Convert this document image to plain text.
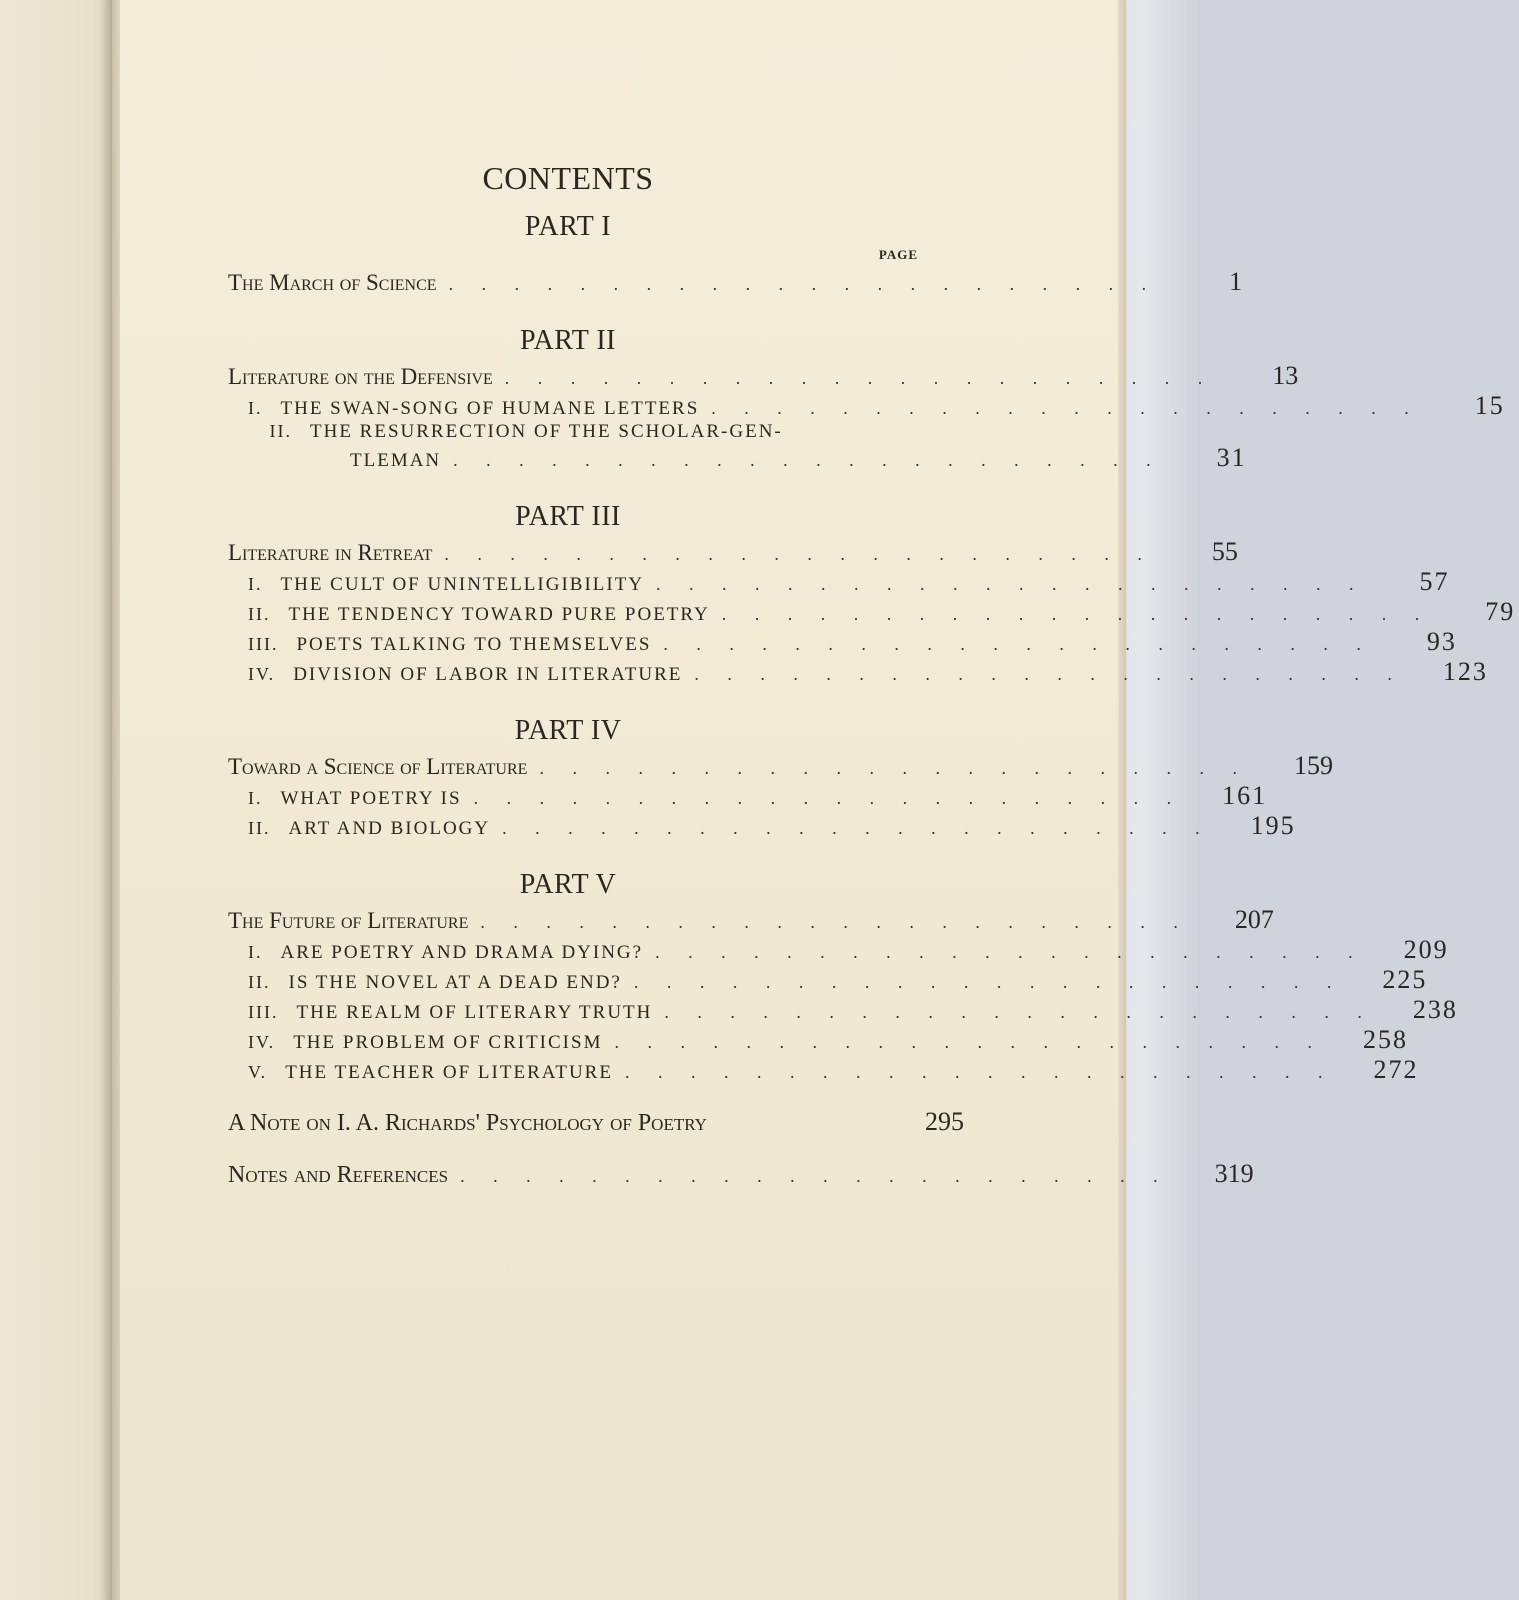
CONTENTS
PART I
PAGE
The March of Science . . . . . . . . . . . . . . . . . . . . . .	1
PART II
Literature on the Defensive . . . . . . . . . . . . . . . . . . . . . .	13
I. THE SWAN-SONG OF HUMANE LETTERS . . . . . . . . . . . . . . . . . . . . . .	15
II. THE RESURRECTION OF THE SCHOLAR-GEN-
TLEMAN . . . . . . . . . . . . . . . . . . . . . .	31
PART III
Literature in Retreat . . . . . . . . . . . . . . . . . . . . . .	55
I. THE CULT OF UNINTELLIGIBILITY . . . . . . . . . . . . . . . . . . . . . .	57
II. THE TENDENCY TOWARD PURE POETRY . . . . . . . . . . . . . . . . . . . . . .	79
III. POETS TALKING TO THEMSELVES . . . . . . . . . . . . . . . . . . . . . .	93
IV. DIVISION OF LABOR IN LITERATURE . . . . . . . . . . . . . . . . . . . . . .	123
PART IV
Toward a Science of Literature . . . . . . . . . . . . . . . . . . . . . .	159
I. WHAT POETRY IS . . . . . . . . . . . . . . . . . . . . . .	161
II. ART AND BIOLOGY . . . . . . . . . . . . . . . . . . . . . .	195
PART V
The Future of Literature . . . . . . . . . . . . . . . . . . . . . .	207
I. ARE POETRY AND DRAMA DYING? . . . . . . . . . . . . . . . . . . . . . .	209
II. IS THE NOVEL AT A DEAD END? . . . . . . . . . . . . . . . . . . . . . .	225
III. THE REALM OF LITERARY TRUTH . . . . . . . . . . . . . . . . . . . . . .	238
IV. THE PROBLEM OF CRITICISM . . . . . . . . . . . . . . . . . . . . . .	258
V. THE TEACHER OF LITERATURE . . . . . . . . . . . . . . . . . . . . . .	272
A Note on I. A. Richards' Psychology of Poetry	295
Notes and References . . . . . . . . . . . . . . . . . . . . . .	319
